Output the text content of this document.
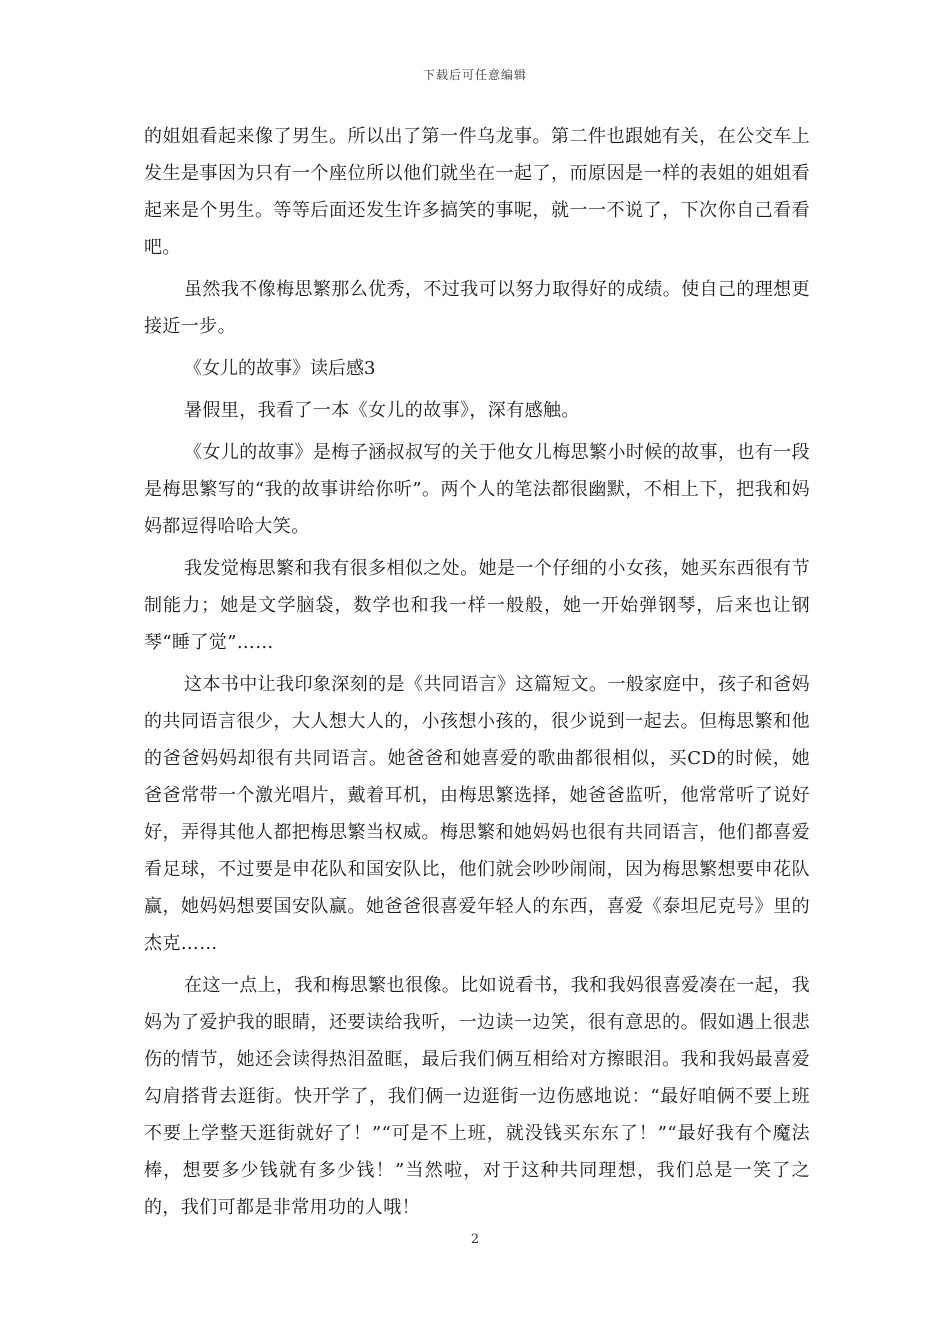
下载后可任意编辑

的姐姐看起来像了男生。所以出了第一件乌龙事。第二件也跟她有关，在公交车上发生是事因为只有一个座位所以他们就坐在一起了，而原因是一样的表姐的姐姐看起来是个男生。等等后面还发生许多搞笑的事呢，就一一不说了，下次你自己看看吧。

虽然我不像梅思繁那么优秀，不过我可以努力取得好的成绩。使自己的理想更接近一步。

《女儿的故事》读后感3

暑假里，我看了一本《女儿的故事》，深有感触。

《女儿的故事》是梅子涵叔叔写的关于他女儿梅思繁小时候的故事，也有一段是梅思繁写的“我的故事讲给你听”。两个人的笔法都很幽默，不相上下，把我和妈妈都逗得哈哈大笑。

我发觉梅思繁和我有很多相似之处。她是一个仔细的小女孩，她买东西很有节制能力；她是文学脑袋，数学也和我一样一般般，她一开始弹钢琴，后来也让钢琴“睡了觉”……

这本书中让我印象深刻的是《共同语言》这篇短文。一般家庭中，孩子和爸妈的共同语言很少，大人想大人的，小孩想小孩的，很少说到一起去。但梅思繁和他的爸爸妈妈却很有共同语言。她爸爸和她喜爱的歌曲都很相似，买CD的时候，她爸爸常带一个激光唱片，戴着耳机，由梅思繁选择，她爸爸监听，他常常听了说好好，弄得其他人都把梅思繁当权威。梅思繁和她妈妈也很有共同语言，他们都喜爱看足球，不过要是申花队和国安队比，他们就会吵吵闹闹，因为梅思繁想要申花队赢，她妈妈想要国安队赢。她爸爸很喜爱年轻人的东西，喜爱《泰坦尼克号》里的杰克……

在这一点上，我和梅思繁也很像。比如说看书，我和我妈很喜爱凑在一起，我妈为了爱护我的眼睛，还要读给我听，一边读一边笑，很有意思的。假如遇上很悲伤的情节，她还会读得热泪盈眶，最后我们俩互相给对方擦眼泪。我和我妈最喜爱勾肩搭背去逛街。快开学了，我们俩一边逛街一边伤感地说：“最好咱俩不要上班不要上学整天逛街就好了！”“可是不上班，就没钱买东东了！”“最好我有个魔法棒，想要多少钱就有多少钱！”当然啦，对于这种共同理想，我们总是一笑了之的，我们可都是非常用功的人哦！

2
